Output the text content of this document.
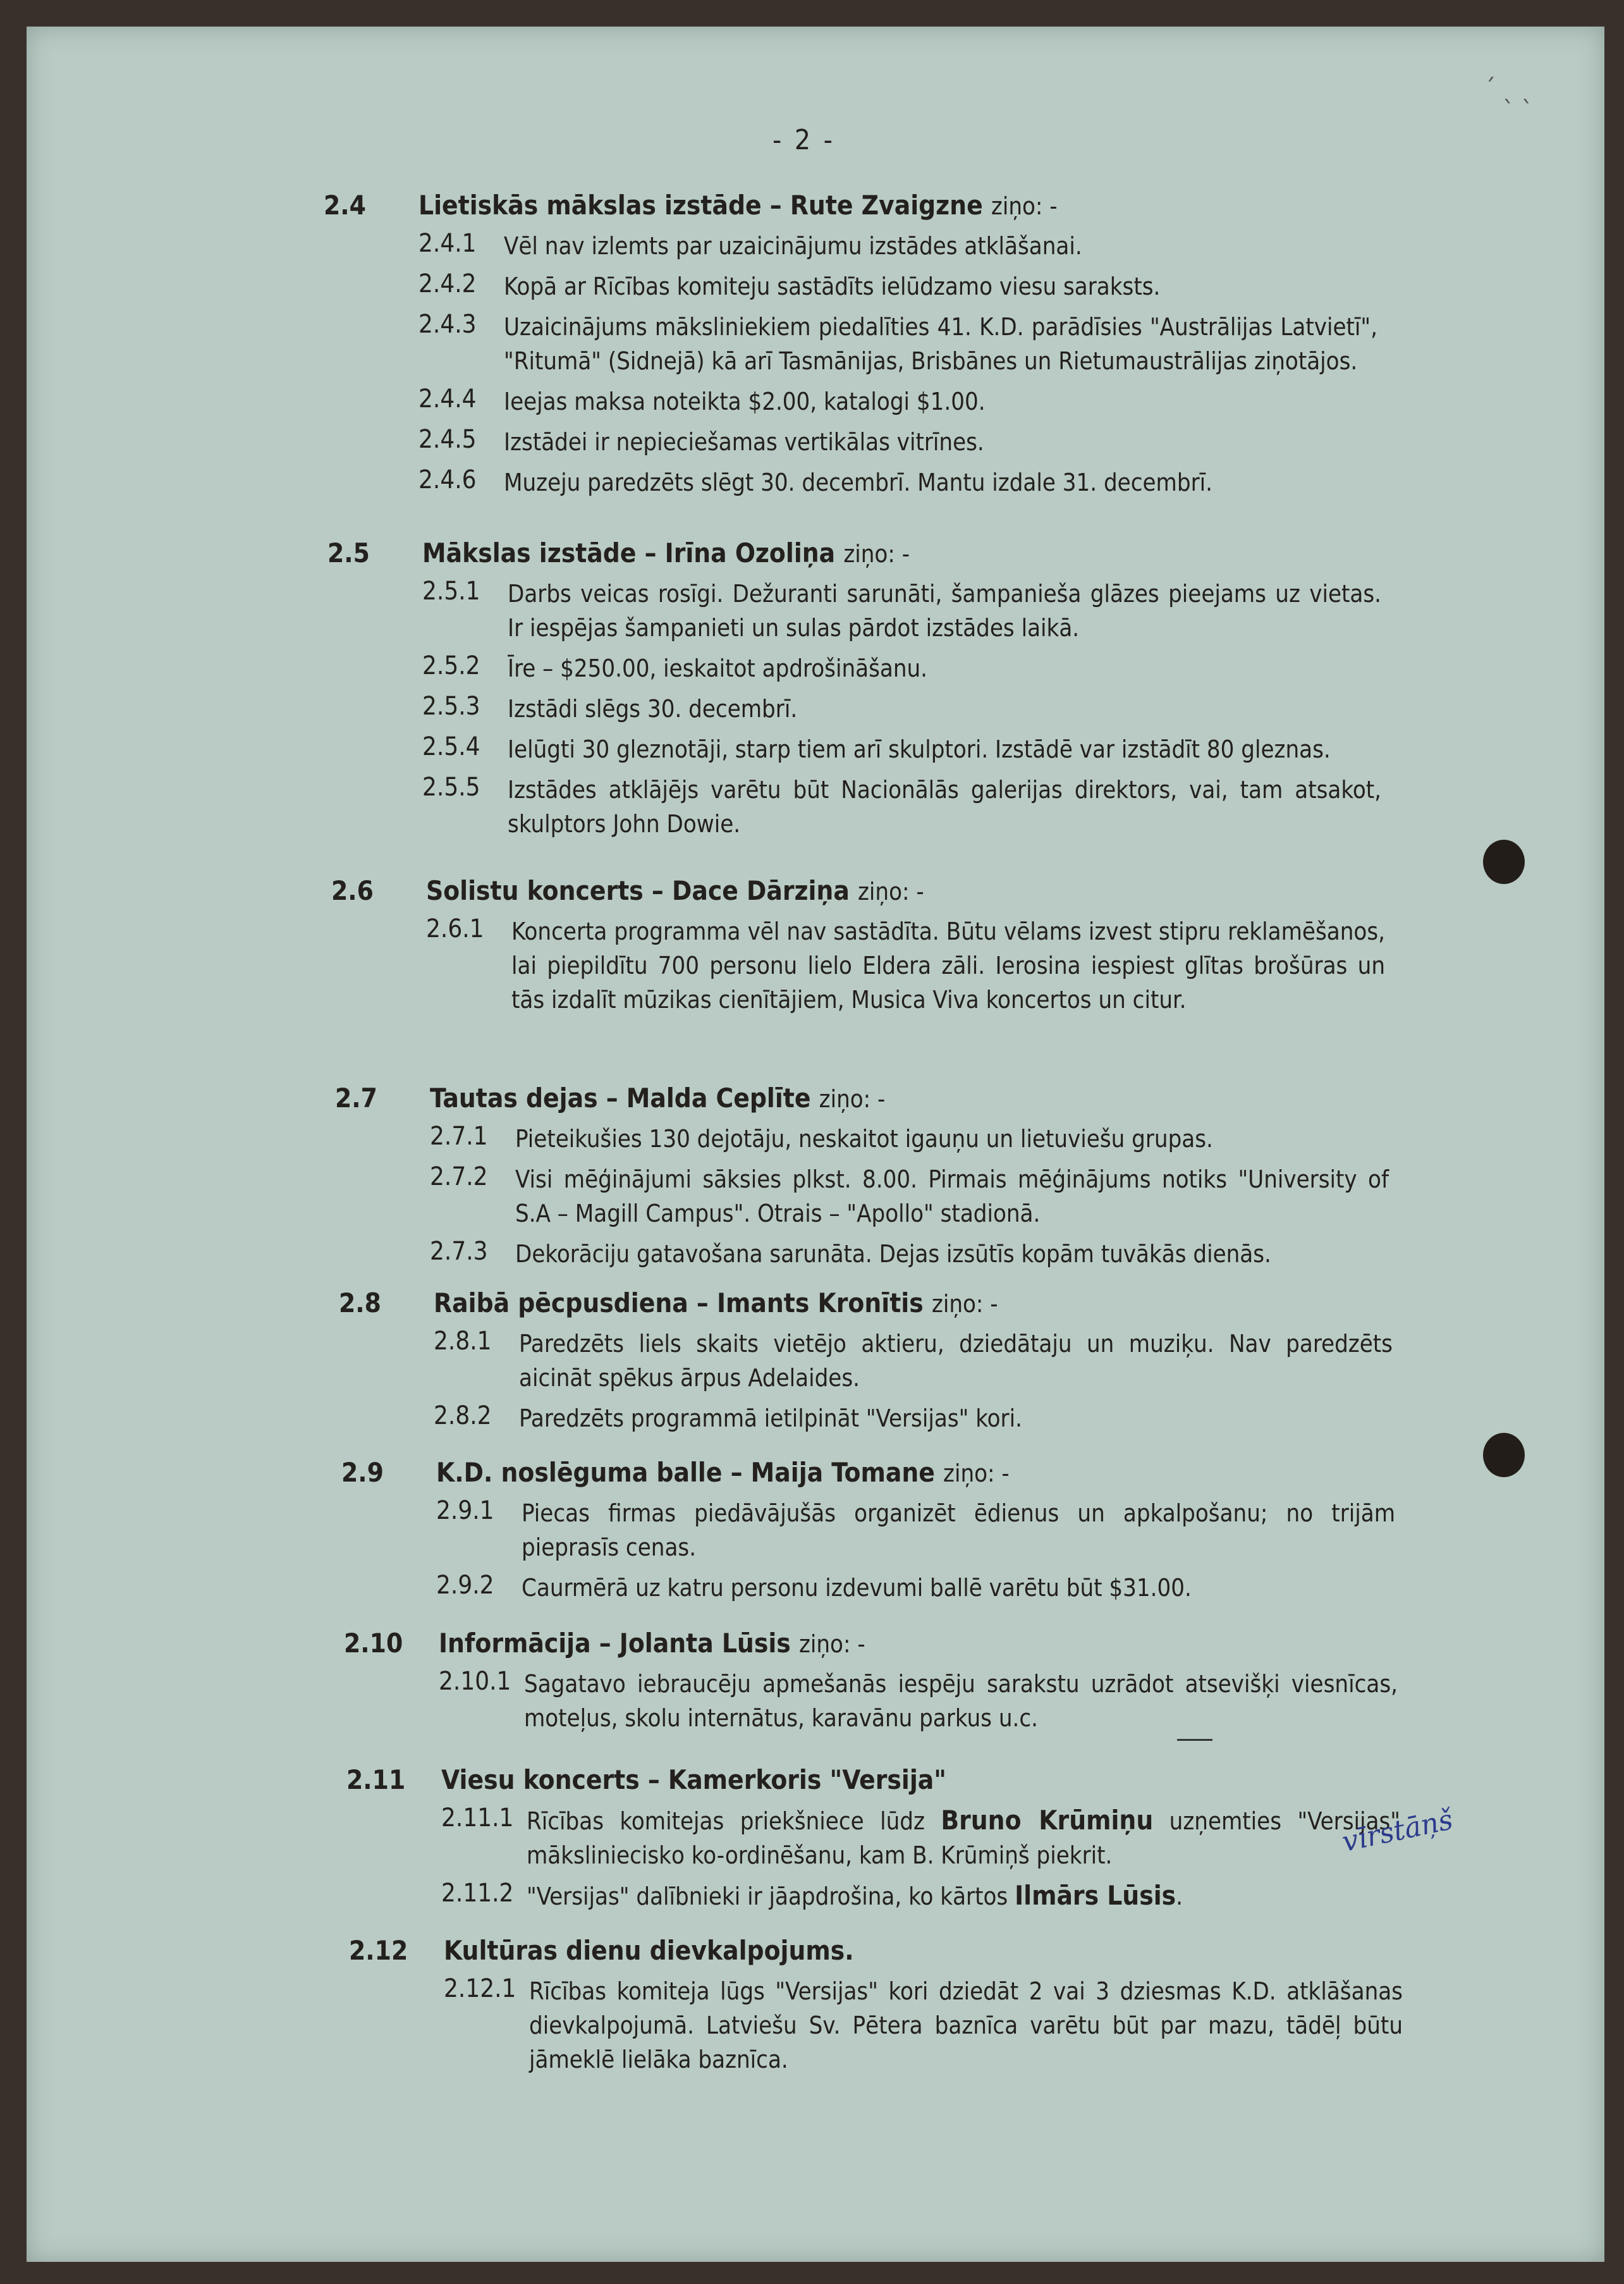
ˊ ˎ ˎ
- 2 -
2.4 Lietiskās mākslas izstāde – Rute Zvaigzne ziņo: -
2.4.1 Vēl nav izlemts par uzaicinājumu izstādes atklāšanai.
2.4.2 Kopā ar Rīcības komiteju sastādīts ielūdzamo viesu saraksts.
2.4.3 Uzaicinājums māksliniekiem piedalīties 41. K.D. parādīsies "Austrālijas Latvietī", "Ritumā" (Sidnejā) kā arī Tasmānijas, Brisbānes un Rietumaustrālijas ziņotājos.
2.4.4 Ieejas maksa noteikta $2.00, katalogi $1.00.
2.4.5 Izstādei ir nepieciešamas vertikālas vitrīnes.
2.4.6 Muzeju paredzēts slēgt 30. decembrī. Mantu izdale 31. decembrī.
2.5 Mākslas izstāde – Irīna Ozoliņa ziņo: -
2.5.1 Darbs veicas rosīgi. Dežuranti sarunāti, šampanieša glāzes pieejams uz vietas. Ir iespējas šampanieti un sulas pārdot izstādes laikā.
2.5.2 Īre – $250.00, ieskaitot apdrošināšanu.
2.5.3 Izstādi slēgs 30. decembrī.
2.5.4 Ielūgti 30 gleznotāji, starp tiem arī skulptori. Izstādē var izstādīt 80 gleznas.
2.5.5 Izstādes atklājējs varētu būt Nacionālās galerijas direktors, vai, tam atsakot, skulptors John Dowie.
2.6 Solistu koncerts – Dace Dārziņa ziņo: -
2.6.1 Koncerta programma vēl nav sastādīta. Būtu vēlams izvest stipru reklamēšanos, lai piepildītu 700 personu lielo Eldera zāli. Ierosina iespiest glītas brošūras un tās izdalīt mūzikas cienītājiem, Musica Viva koncertos un citur.
2.7 Tautas dejas – Malda Ceplīte ziņo: -
2.7.1 Pieteikušies 130 dejotāju, neskaitot igauņu un lietuviešu grupas.
2.7.2 Visi mēģinājumi sāksies plkst. 8.00. Pirmais mēģinājums notiks "University of S.A – Magill Campus". Otrais – "Apollo" stadionā.
2.7.3 Dekorāciju gatavošana sarunāta. Dejas izsūtīs kopām tuvākās dienās.
2.8 Raibā pēcpusdiena – Imants Kronītis ziņo: -
2.8.1 Paredzēts liels skaits vietējo aktieru, dziedātaju un muziķu. Nav paredzēts aicināt spēkus ārpus Adelaides.
2.8.2 Paredzēts programmā ietilpināt "Versijas" kori.
2.9 K.D. noslēguma balle – Maija Tomane ziņo: -
2.9.1 Piecas firmas piedāvājušās organizēt ēdienus un apkalpošanu; no trijām pieprasīs cenas.
2.9.2 Caurmērā uz katru personu izdevumi ballē varētu būt $31.00.
2.10 Informācija – Jolanta Lūsis ziņo: -
2.10.1 Sagatavo iebraucēju apmešanās iespēju sarakstu uzrādot atsevišķi viesnīcas, moteļus, skolu internātus, karavānu parkus u.c.
2.11 Viesu koncerts – Kamerkoris "Versija"
2.11.1 Rīcības komitejas priekšniece lūdz Bruno Krūmiņu uzņemties "Versijas" mākslinieciskо ko-ordinēšanu, kam B. Krūmiņš piekrit.
2.11.2 "Versijas" dalībnieki ir jāapdrošina, ko kārtos Ilmārs Lūsis.
vīrstāņš
2.12 Kultūras dienu dievkalpojums.
2.12.1 Rīcības komiteja lūgs "Versijas" kori dziedāt 2 vai 3 dziesmas K.D. atklāšanas dievkalpojumā. Latviešu Sv. Pētera baznīca varētu būt par mazu, tādēļ būtu jāmeklē lielāka baznīca.
